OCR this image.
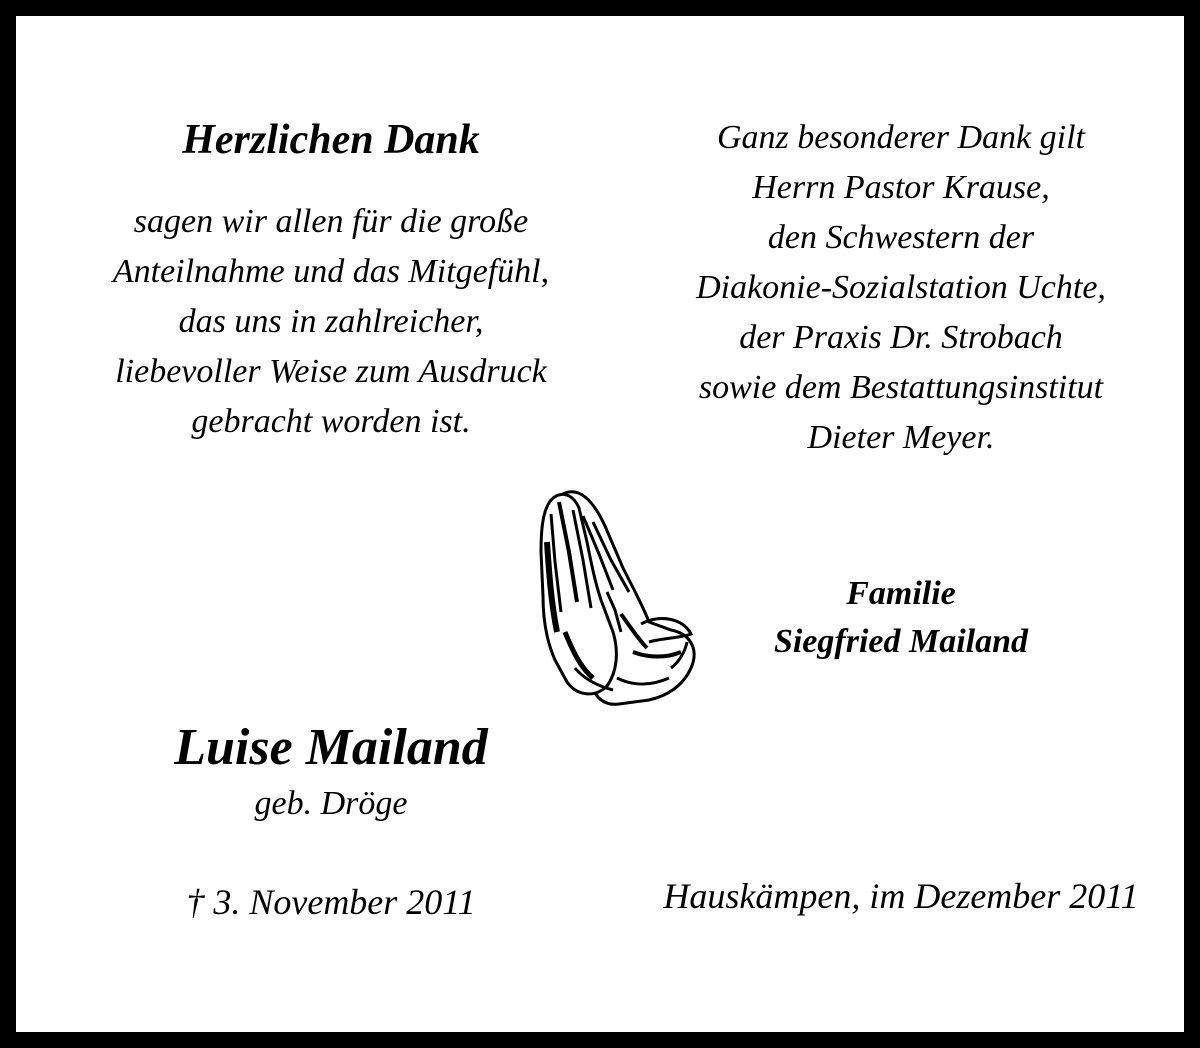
Herzlichen Dank
sagen wir allen für die große
Anteilnahme und das Mitgefühl,
das uns in zahlreicher,
liebevoller Weise zum Ausdruck
gebracht worden ist.
Ganz besonderer Dank gilt
Herrn Pastor Krause,
den Schwestern der
Diakonie-Sozialstation Uchte,
der Praxis Dr. Strobach
sowie dem Bestattungsinstitut
Dieter Meyer.
Familie
Siegfried Mailand
Luise Mailand
geb. Dröge
† 3. November 2011	Hauskämpen, im Dezember 2011
